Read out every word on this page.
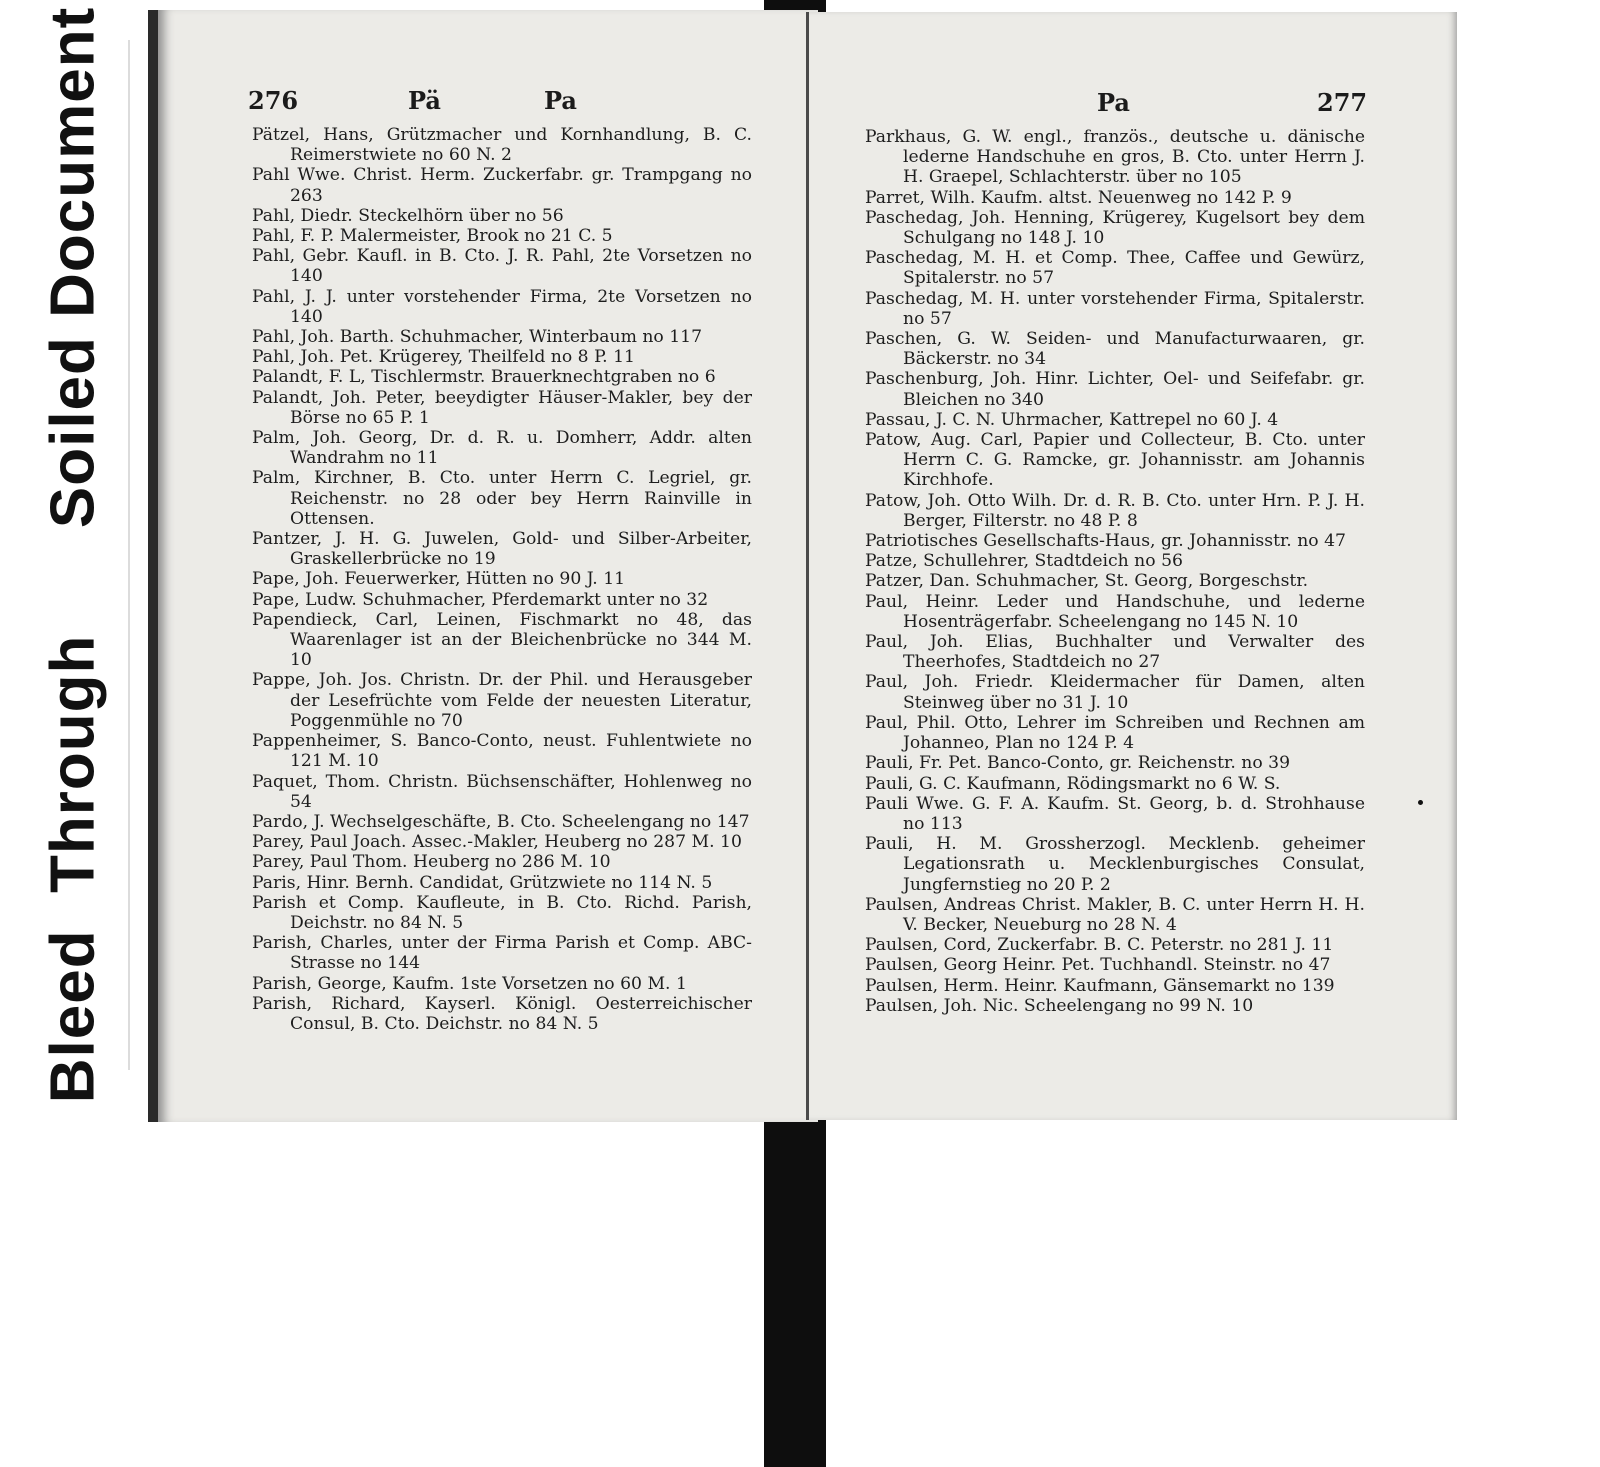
Bleed  Through  Soiled Document	276	Pä	Pa
Pätzel, Hans, Grützmacher und Kornhandlung, B. C. Reimerstwiete no 60 N. 2
Pahl Wwe. Christ. Herm. Zuckerfabr. gr. Trampgang no 263
Pahl, Diedr. Steckelhörn über no 56
Pahl, F. P. Malermeister, Brook no 21 C. 5
Pahl, Gebr. Kaufl. in B. Cto. J. R. Pahl, 2te Vorsetzen no 140
Pahl, J. J. unter vorstehender Firma, 2te Vorsetzen no 140
Pahl, Joh. Barth. Schuhmacher, Winterbaum no 117
Pahl, Joh. Pet. Krügerey, Theilfeld no 8 P. 11
Palandt, F. L, Tischlermstr. Brauerknechtgraben no 6
Palandt, Joh. Peter, beeydigter Häuser-Makler, bey der Börse no 65 P. 1
Palm, Joh. Georg, Dr. d. R. u. Domherr, Addr. alten Wandrahm no 11
Palm, Kirchner, B. Cto. unter Herrn C. Legriel, gr. Reichenstr. no 28 oder bey Herrn Rainville in Ottensen.
Pantzer, J. H. G. Juwelen, Gold- und Silber-Arbeiter, Graskellerbrücke no 19
Pape, Joh. Feuerwerker, Hütten no 90 J. 11
Pape, Ludw. Schuhmacher, Pferdemarkt unter no 32
Papendieck, Carl, Leinen, Fischmarkt no 48, das Waarenlager ist an der Bleichenbrücke no 344 M. 10
Pappe, Joh. Jos. Christn. Dr. der Phil. und Herausgeber der Lesefrüchte vom Felde der neuesten Literatur, Poggenmühle no 70
Pappenheimer, S. Banco-Conto, neust. Fuhlentwiete no 121 M. 10
Paquet, Thom. Christn. Büchsenschäfter, Hohlenweg no 54
Pardo, J. Wechselgeschäfte, B. Cto. Scheelengang no 147
Parey, Paul Joach. Assec.-Makler, Heuberg no 287 M. 10
Parey, Paul Thom. Heuberg no 286 M. 10
Paris, Hinr. Bernh. Candidat, Grützwiete no 114 N. 5
Parish et Comp. Kaufleute, in B. Cto. Richd. Parish, Deichstr. no 84 N. 5
Parish, Charles, unter der Firma Parish et Comp. ABC-Strasse no 144
Parish, George, Kaufm. 1ste Vorsetzen no 60 M. 1
Parish, Richard, Kayserl. Königl. Oesterreichischer Consul, B. Cto. Deichstr. no 84 N. 5
Pa	277
Parkhaus, G. W. engl., französ., deutsche u. dänische lederne Handschuhe en gros, B. Cto. unter Herrn J. H. Graepel, Schlachterstr. über no 105
Parret, Wilh. Kaufm. altst. Neuenweg no 142 P. 9
Paschedag, Joh. Henning, Krügerey, Kugelsort bey dem Schulgang no 148 J. 10
Paschedag, M. H. et Comp. Thee, Caffee und Gewürz, Spitalerstr. no 57
Paschedag, M. H. unter vorstehender Firma, Spitalerstr. no 57
Paschen, G. W. Seiden- und Manufacturwaaren, gr. Bäckerstr. no 34
Paschenburg, Joh. Hinr. Lichter, Oel- und Seifefabr. gr. Bleichen no 340
Passau, J. C. N. Uhrmacher, Kattrepel no 60 J. 4
Patow, Aug. Carl, Papier und Collecteur, B. Cto. unter Herrn C. G. Ramcke, gr. Johannisstr. am Johannis Kirchhofe.
Patow, Joh. Otto Wilh. Dr. d. R. B. Cto. unter Hrn. P. J. H. Berger, Filterstr. no 48 P. 8
Patriotisches Gesellschafts-Haus, gr. Johannisstr. no 47
Patze, Schullehrer, Stadtdeich no 56
Patzer, Dan. Schuhmacher, St. Georg, Borgeschstr.
Paul, Heinr. Leder und Handschuhe, und lederne Hosenträgerfabr. Scheelengang no 145 N. 10
Paul, Joh. Elias, Buchhalter und Verwalter des Theerhofes, Stadtdeich no 27
Paul, Joh. Friedr. Kleidermacher für Damen, alten Steinweg über no 31 J. 10
Paul, Phil. Otto, Lehrer im Schreiben und Rechnen am Johanneo, Plan no 124 P. 4
Pauli, Fr. Pet. Banco-Conto, gr. Reichenstr. no 39
Pauli, G. C. Kaufmann, Rödingsmarkt no 6 W. S.
Pauli Wwe. G. F. A. Kaufm. St. Georg, b. d. Strohhause no 113
Pauli, H. M. Grossherzogl. Mecklenb. geheimer Legationsrath u. Mecklenburgisches Consulat, Jungfernstieg no 20 P. 2
Paulsen, Andreas Christ. Makler, B. C. unter Herrn H. H. V. Becker, Neueburg no 28 N. 4
Paulsen, Cord, Zuckerfabr. B. C. Peterstr. no 281 J. 11
Paulsen, Georg Heinr. Pet. Tuchhandl. Steinstr. no 47
Paulsen, Herm. Heinr. Kaufmann, Gänsemarkt no 139
Paulsen, Joh. Nic. Scheelengang no 99 N. 10
